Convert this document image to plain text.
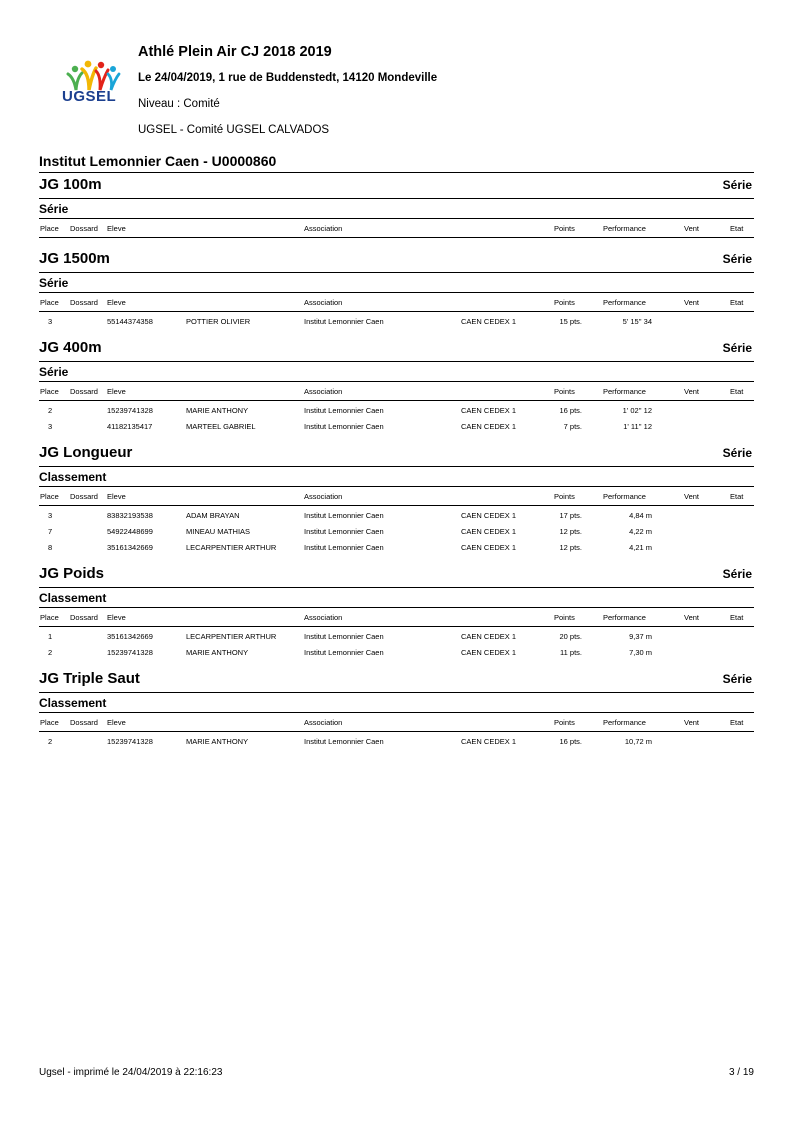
UGSEL
Athlé Plein Air CJ 2018 2019
Le 24/04/2019, 1 rue de Buddenstedt, 14120 Mondeville
Niveau : Comité
UGSEL - Comité UGSEL CALVADOS
Institut Lemonnier Caen - U0000860
JG 100m	Série
Série
Place Dossard Eleve	Association	Points	Performance	Vent	Etat
JG 1500m	Série
Série
Place Dossard Eleve	Association	Points	Performance	Vent	Etat
3	55144374358	POTTIER OLIVIER	Institut Lemonnier Caen	CAEN CEDEX 1	15 pts.	5' 15'' 34
JG 400m	Série
Série
Place Dossard Eleve	Association	Points	Performance	Vent	Etat
2	15239741328	MARIE ANTHONY	Institut Lemonnier Caen	CAEN CEDEX 1	16 pts.	1' 02'' 12
3	41182135417	MARTEEL GABRIEL	Institut Lemonnier Caen	CAEN CEDEX 1	7 pts.	1' 11'' 12
JG Longueur	Série
Classement
Place Dossard Eleve	Association	Points	Performance	Vent	Etat
3	83832193538	ADAM BRAYAN	Institut Lemonnier Caen	CAEN CEDEX 1	17 pts.	4,84 m
7	54922448699	MINEAU MATHIAS	Institut Lemonnier Caen	CAEN CEDEX 1	12 pts.	4,22 m
8	35161342669	LECARPENTIER ARTHUR	Institut Lemonnier Caen	CAEN CEDEX 1	12 pts.	4,21 m
JG Poids	Série
Classement
Place Dossard Eleve	Association	Points	Performance	Vent	Etat
1	35161342669	LECARPENTIER ARTHUR	Institut Lemonnier Caen	CAEN CEDEX 1	20 pts.	9,37 m
2	15239741328	MARIE ANTHONY	Institut Lemonnier Caen	CAEN CEDEX 1	11 pts.	7,30 m
JG Triple Saut	Série
Classement
Place Dossard Eleve	Association	Points	Performance	Vent	Etat
2	15239741328	MARIE ANTHONY	Institut Lemonnier Caen	CAEN CEDEX 1	16 pts.	10,72 m
Ugsel - imprimé le 24/04/2019 à 22:16:23	3 / 19
